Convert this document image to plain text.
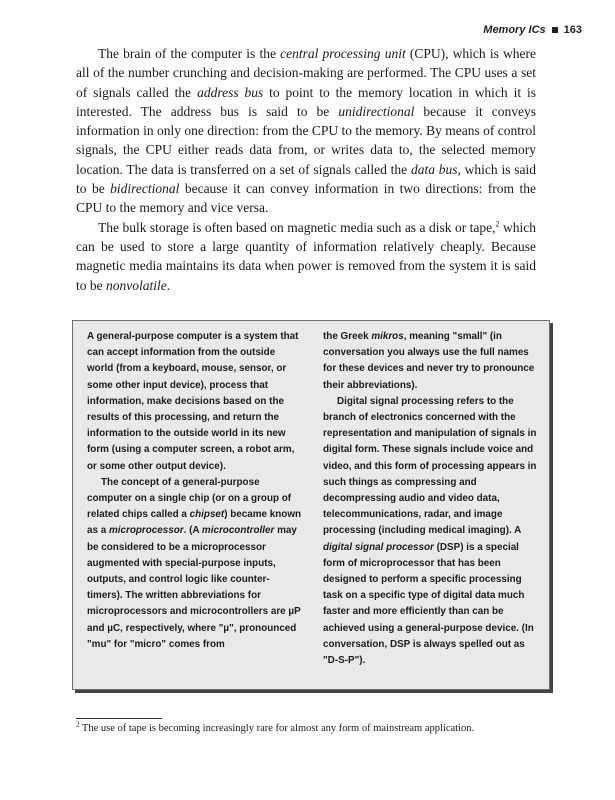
Memory ICs 163

The brain of the computer is the central processing unit (CPU), which is where all of the number crunching and decision-making are performed. The CPU uses a set of signals called the address bus to point to the memory location in which it is interested. The address bus is said to be unidirectional because it conveys information in only one direction: from the CPU to the memory. By means of control signals, the CPU either reads data from, or writes data to, the selected memory location. The data is transferred on a set of signals called the data bus, which is said to be bidirectional because it can convey information in two directions: from the CPU to the memory and vice versa.

The bulk storage is often based on magnetic media such as a disk or tape,$^2$ which can be used to store a large quantity of information relatively cheaply. Because magnetic media maintains its data when power is removed from the system it is said to be nonvolatile.

A general-purpose computer is a system that can accept information from the outside world (from a keyboard, mouse, sensor, or some other input device), process that information, make decisions based on the results of this processing, and return the information to the outside world in its new form (using a computer screen, a robot arm, or some other output device).

The concept of a general-purpose computer on a single chip (or on a group of related chips called a chipset) became known as a microprocessor. (A microcontroller may be considered to be a microprocessor augmented with special-purpose inputs, outputs, and control logic like counter-timers). The written abbreviations for microprocessors and microcontrollers are µP and µC, respectively, where "µ", pronounced "mu" for "micro" comes from

the Greek mikros, meaning "small" (in conversation you always use the full names for these devices and never try to pronounce their abbreviations).

Digital signal processing refers to the branch of electronics concerned with the representation and manipulation of signals in digital form. These signals include voice and video, and this form of processing appears in such things as compressing and decompressing audio and video data, telecommunications, radar, and image processing (including medical imaging). A digital signal processor (DSP) is a special form of microprocessor that has been designed to perform a specific processing task on a specific type of digital data much faster and more efficiently than can be achieved using a general-purpose device. (In conversation, DSP is always spelled out as "D-S-P").

$^2$ The use of tape is becoming increasingly rare for almost any form of mainstream application.
